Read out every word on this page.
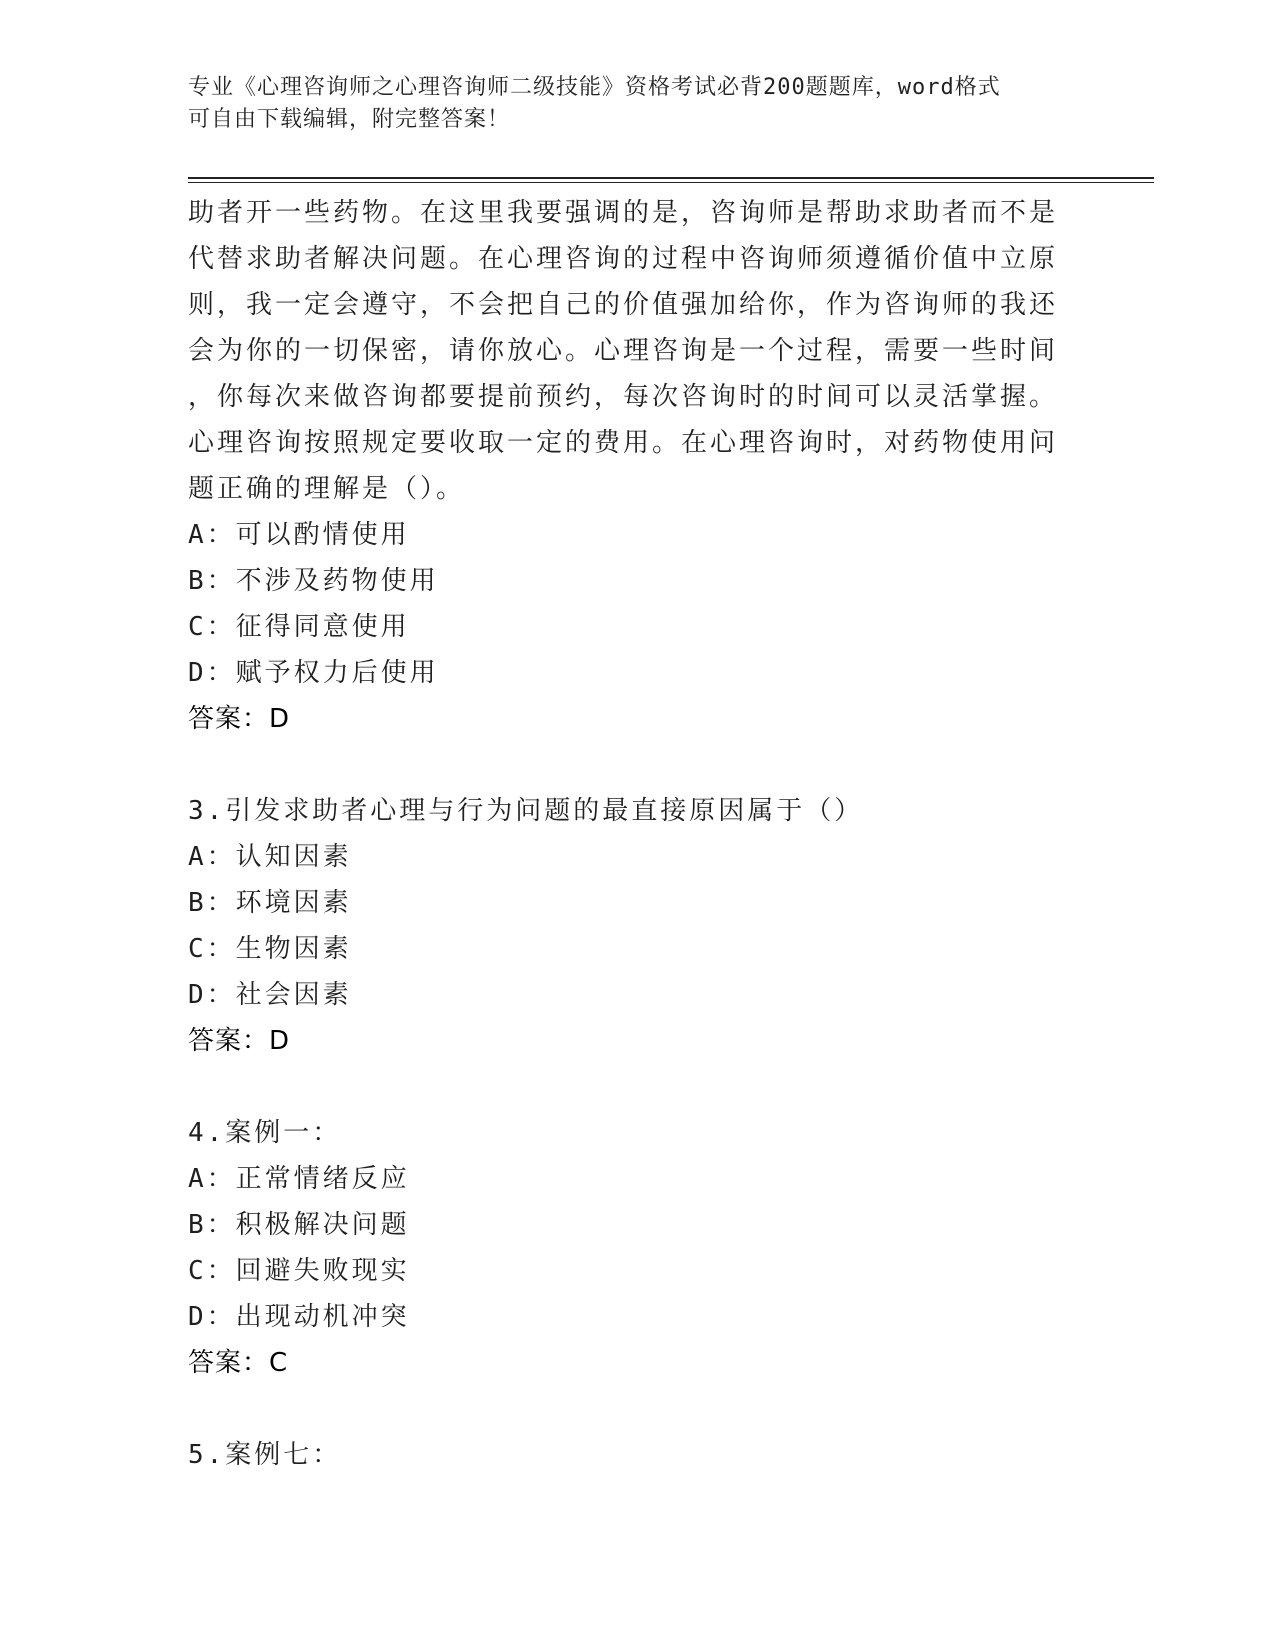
专业《心理咨询师之心理咨询师二级技能》资格考试必背200题题库，word格式
可自由下载编辑，附完整答案！
助者开一些药物。在这里我要强调的是，咨询师是帮助求助者而不是
代替求助者解决问题。在心理咨询的过程中咨询师须遵循价值中立原
则，我一定会遵守，不会把自己的价值强加给你，作为咨询师的我还
会为你的一切保密，请你放心。心理咨询是一个过程，需要一些时间
，你每次来做咨询都要提前预约，每次咨询时的时间可以灵活掌握。
心理咨询按照规定要收取一定的费用。在心理咨询时，对药物使用问
题正确的理解是（）。
A：可以酌情使用
B：不涉及药物使用
C：征得同意使用
D：赋予权力后使用
答案：D
3.引发求助者心理与行为问题的最直接原因属于（）
A：认知因素
B：环境因素
C：生物因素
D：社会因素
答案：D
4.案例一：
A：正常情绪反应
B：积极解决问题
C：回避失败现实
D：出现动机冲突
答案：C
5.案例七：
